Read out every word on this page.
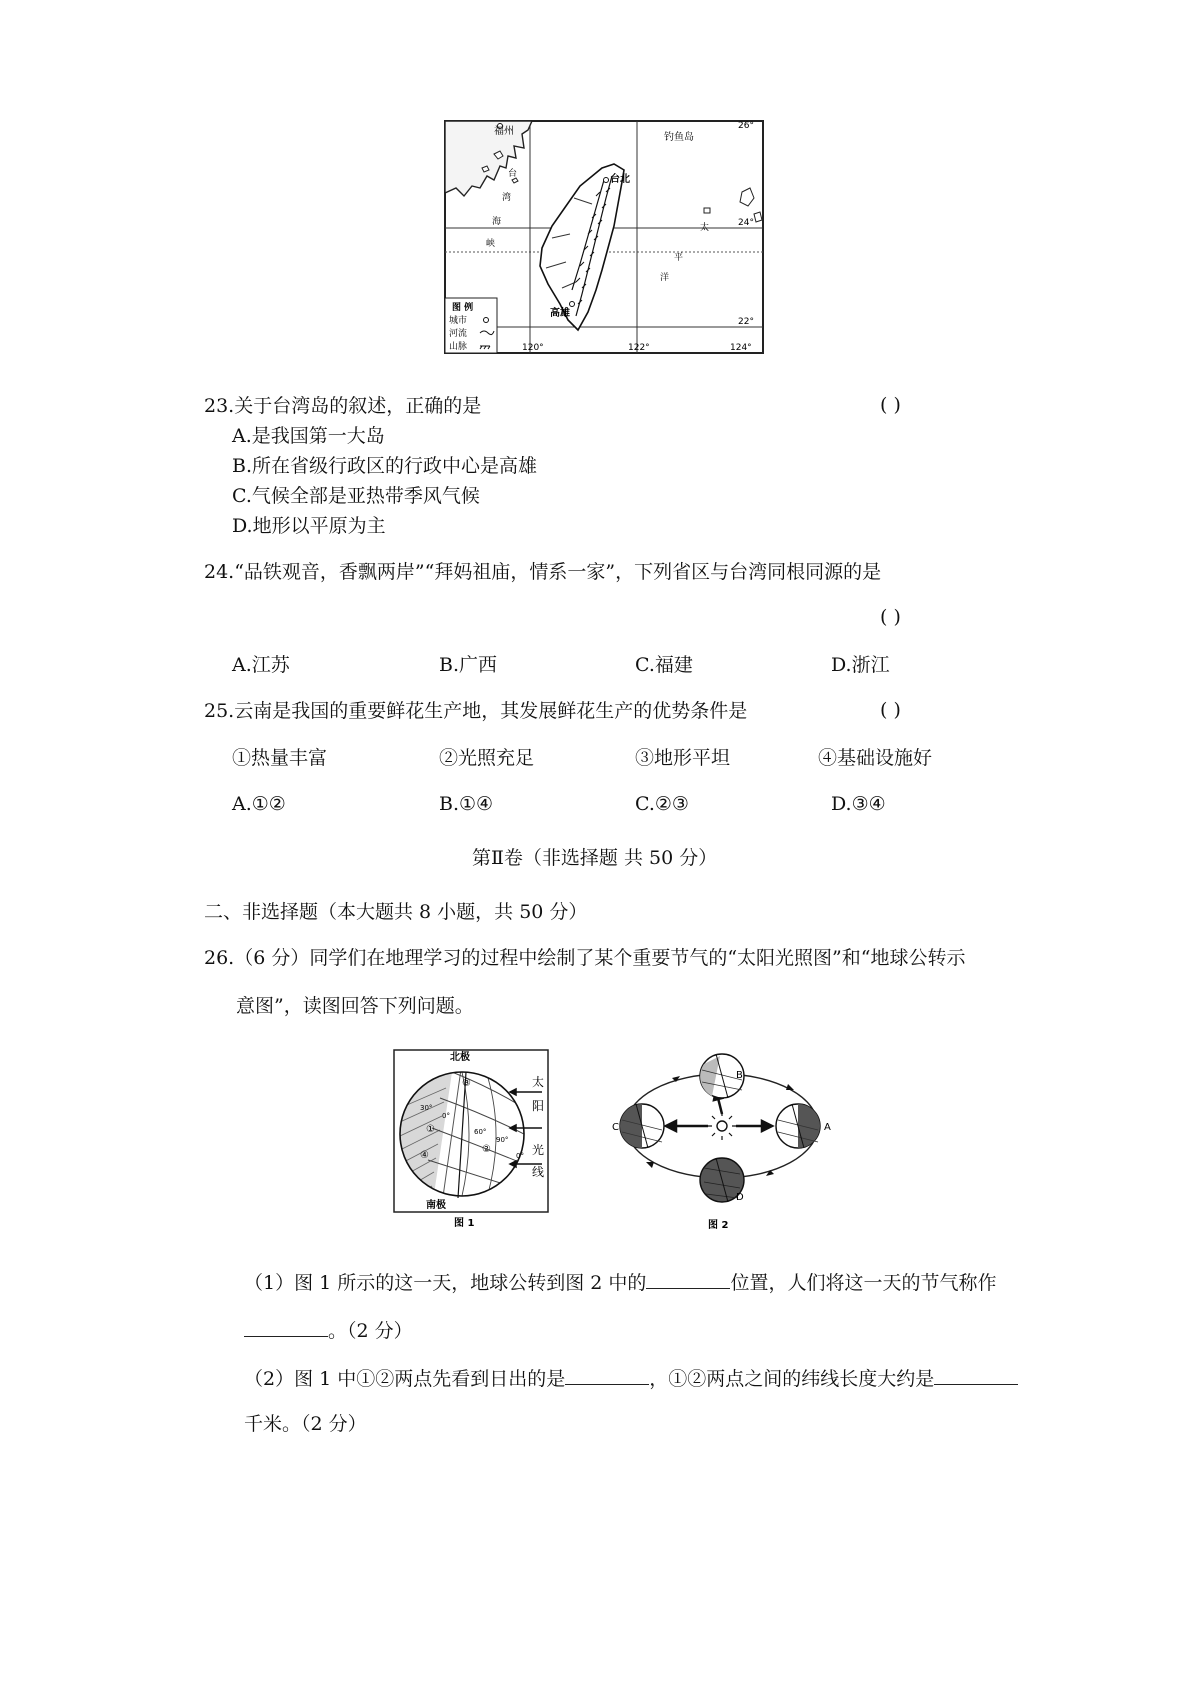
福州
钓鱼岛
台北
高雄
台
湾
海
峡
太
平
洋
26°
24°
22°
120°	122°	124°
图 例
城市
河流
山脉
23.关于台湾岛的叙述，正确的是	( )
A.是我国第一大岛
B.所在省级行政区的行政中心是高雄
C.气候全部是亚热带季风气候
D.地形以平原为主
24.“品铁观音，香飘两岸”“拜妈祖庙，情系一家”，下列省区与台湾同根同源的是
( )
A.江苏	B.广西	C.福建	D.浙江
25.云南是我国的重要鲜花生产地，其发展鲜花生产的优势条件是	( )
①热量丰富	②光照充足	③地形平坦	④基础设施好
A.①②	B.①④	C.②③	D.③④
第Ⅱ卷（非选择题 共 50 分）
二、非选择题（本大题共 8 小题，共 50 分）
26.（6 分）同学们在地理学习的过程中绘制了某个重要节气的“太阳光照图”和“地球公转示
意图”，读图回答下列问题。
北极
南极
太
阳
光
线
③
①
②
④
30°
0°
60°
90°
0°
图 1
B
C	A
D
图 2
（1）图 1 所示的这一天，地球公转到图 2 中的	位置，人们将这一天的节气称作
。（2 分）
（2）图 1 中①②两点先看到日出的是	，①②两点之间的纬线长度大约是
千米。（2 分）
